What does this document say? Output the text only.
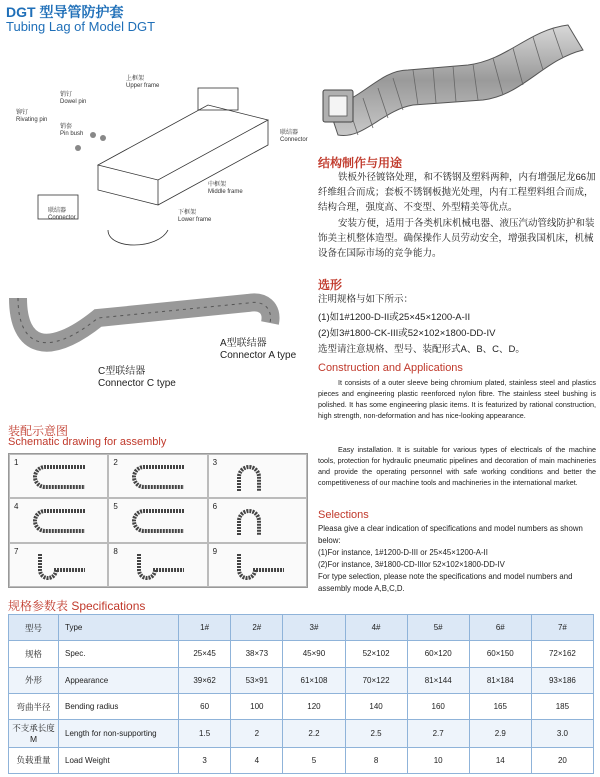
DGT 型导管防护套
Tubing Lag of Model DGT
销钉
Dowel pin
铆钉
Rivating pin
销套
Pin bush
上框架
Upper frame
中框架
Middle frame
下框架
Lower frame
联结器
Connector
联结器
Connector
A型联结器
Connector A type
C型联结器
Connector C type
结构制作与用途
铁板外径镀铬处理，和不锈钢及塑料两种，内有增强尼龙66加纤维组合而成；套板不锈钢板抛光处理，内有工程塑料组合而成，结构合理，强度高、不变型、外型精美等优点。
安装方便，适用于各类机床机械电器、液压汽动管线防护和装饰美主机整体造型。确保操作人员劳动安全，增强我国机床，机械设备在国际市场的竞争能力。
选形
注明规格与如下所示：
(1)如1#1200-D-II或25×45×1200-A-II
(2)如3#1800-CK-III或52×102×1800-DD-IV
选型请注意规格、型号、装配形式A、B、C、D。
Construction and Applications
It consists of a outer sleeve being chromium plated, stainless steel and plastics pieces and engineering plastic reenforced nylon fibre. The stainless steel bushing is polished. It has some engineering plasic items. It is featurized by rational construction, high strength, non-deformation and has nice-looking appearance.
Easy installation. It is suitable for various types of electricals of the machine tools, protection for hydraulic pneumatic pipelines and decoration of main machineries and provide the operating personnel with safe working conditions and better the competitiveness of our machine tools and machineries in the international market.
Selections
Pleasa give a clear indication of specifications and model numbers as shown below:
(1)For instance, 1#1200-D-III or 25×45×1200-A-II
(2)For instance, 3#1800-CD-IIIor 52×102×1800-DD-IV
For type selection, please note the specifications and model numbers and assembly mode A,B,C,D.
装配示意图
Schematic drawing for assembly
1	2	3
4	5	6
7	8	9
规格参数表 Specifications
型号	Type	1#	2#	3#	4#	5#	6#	7#
规格	Spec.	25×45	38×73	45×90	52×102	60×120	60×150	72×162
外形	Appearance	39×62	53×91	61×108	70×122	81×144	81×184	93×186
弯曲半径	Bending radius	60	100	120	140	160	165	185
不支承长度M	Length for non-supporting	1.5	2	2.2	2.5	2.7	2.9	3.0
负载重量	Load Weight	3	4	5	8	10	14	20
